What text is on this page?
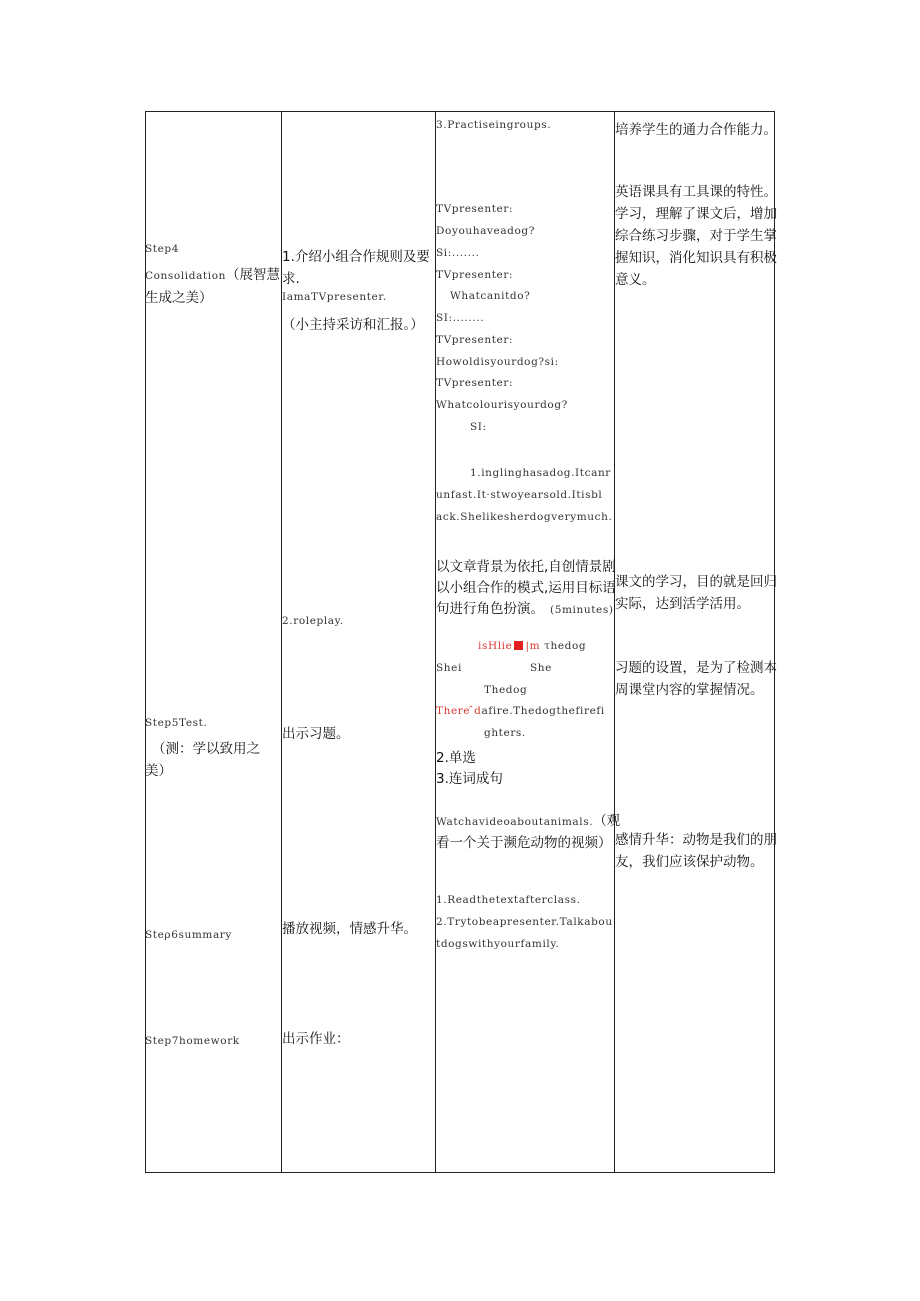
Step4
Consolidation（展智慧
生成之美）
Step5Test.
（测：学以致用之
美）
Steρ6summary
Step7homework
1.介绍小组合作规则及要
求.
IamaTVpresenter.
（小主持采访和汇报。）
2.roleplay.
出示习题。
播放视频，情感升华。
出示作业：
3.Practiseingroups.
TVpresenter:
Doyouhaveadog?
Si:.......
TVpresenter:
Whatcanitdo?
SI:........
TVpresenter:
Howoldisyourdog?si:
TVpresenter:
Whatcolourisyourdog?
SI:
1.inglinghasadog.Itcanr
unfast.It·stwoyearsold.Itisbl
ack.Shelikesherdogverymuch.
以文章背景为依托,自创情景剧
以小组合作的模式,运用目标语
句进行角色扮演。 (5minutes)
isHlie |m τhedog
Shei	She
Thedog
There ̂dafire.Thedogthefirefi
ghters.
2.单选
3.连词成句
Watchavideoaboutanimals.（观
看一个关于濒危动物的视频）
1.Readthetextafterclass.
2.Trytobeapresenter.Talkabou
tdogswithyourfamily.
培养学生的通力合作能力。
英语课具有工具课的特性。
学习，理解了课文后，增加
综合练习步骤，对于学生掌
握知识，消化知识具有积极
意义。
课文的学习，目的就是回归
实际，达到活学活用。
习题的设置，是为了检测本
周课堂内容的掌握情况。
感情升华：动物是我们的朋
友，我们应该保护动物。
